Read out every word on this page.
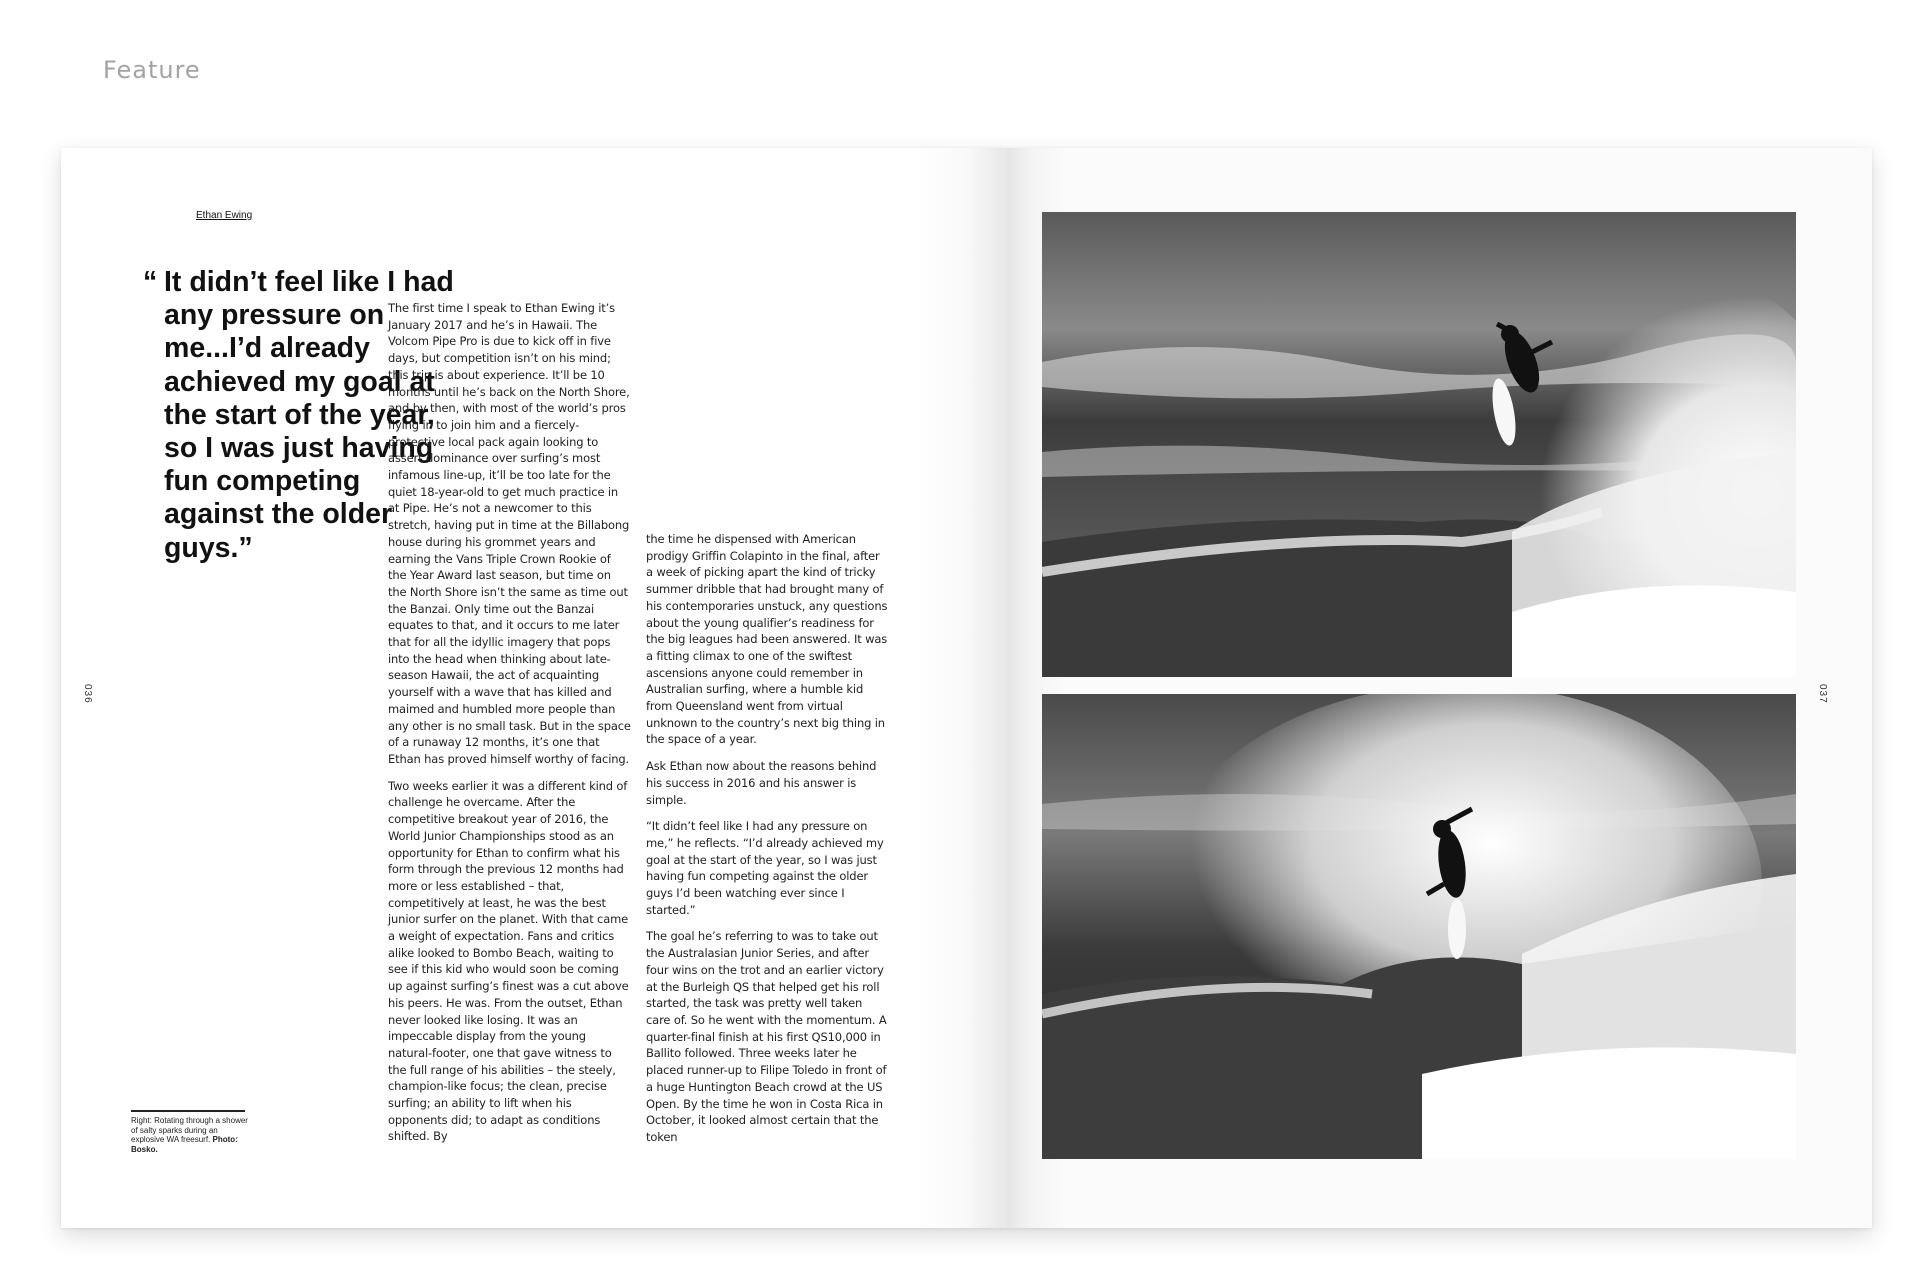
Feature
Ethan Ewing
“ It didn’t feel like I had any pressure on me...I’d already achieved my goal at the start of the year, so I was just having fun competing against the older guys.”

The first time I speak to Ethan Ewing it’s January 2017 and he’s in Hawaii. The Volcom Pipe Pro is due to kick off in five days, but competition isn’t on his mind; this trip is about experience. It’ll be 10 months until he’s back on the North Shore, and by then, with most of the world’s pros flying in to join him and a fiercely-protective local pack again looking to assert dominance over surfing’s most infamous line-up, it’ll be too late for the quiet 18-year-old to get much practice in at Pipe. He’s not a newcomer to this stretch, having put in time at the Billabong house during his grommet years and earning the Vans Triple Crown Rookie of the Year Award last season, but time on the North Shore isn’t the same as time out the Banzai. Only time out the Banzai equates to that, and it occurs to me later that for all the idyllic imagery that pops into the head when thinking about late-season Hawaii, the act of acquainting yourself with a wave that has killed and maimed and humbled more people than any other is no small task. But in the space of a runaway 12 months, it’s one that Ethan has proved himself worthy of facing.

Two weeks earlier it was a different kind of challenge he overcame. After the competitive breakout year of 2016, the World Junior Championships stood as an opportunity for Ethan to confirm what his form through the previous 12 months had more or less established – that, competitively at least, he was the best junior surfer on the planet. With that came a weight of expectation. Fans and critics alike looked to Bombo Beach, waiting to see if this kid who would soon be coming up against surfing’s finest was a cut above his peers. He was. From the outset, Ethan never looked like losing. It was an impeccable display from the young natural-footer, one that gave witness to the full range of his abilities – the steely, champion-like focus; the clean, precise surfing; an ability to lift when his opponents did; to adapt as conditions shifted. By

the time he dispensed with American prodigy Griffin Colapinto in the final, after a week of picking apart the kind of tricky summer dribble that had brought many of his contemporaries unstuck, any questions about the young qualifier’s readiness for the big leagues had been answered. It was a fitting climax to one of the swiftest ascensions anyone could remember in Australian surfing, where a humble kid from Queensland went from virtual unknown to the country’s next big thing in the space of a year.

Ask Ethan now about the reasons behind his success in 2016 and his answer is simple.

“It didn’t feel like I had any pressure on me,” he reflects. “I’d already achieved my goal at the start of the year, so I was just having fun competing against the older guys I’d been watching ever since I started.”

The goal he’s referring to was to take out the Australasian Junior Series, and after four wins on the trot and an earlier victory at the Burleigh QS that helped get his roll started, the task was pretty well taken care of. So he went with the momentum. A quarter-final finish at his first QS10,000 in Ballito followed. Three weeks later he placed runner-up to Filipe Toledo in front of a huge Huntington Beach crowd at the US Open. By the time he won in Costa Rica in October, it looked almost certain that the token

036
Right: Rotating through a shower of salty sparks during an explosive WA freesurf. Photo: Bosko.
037
